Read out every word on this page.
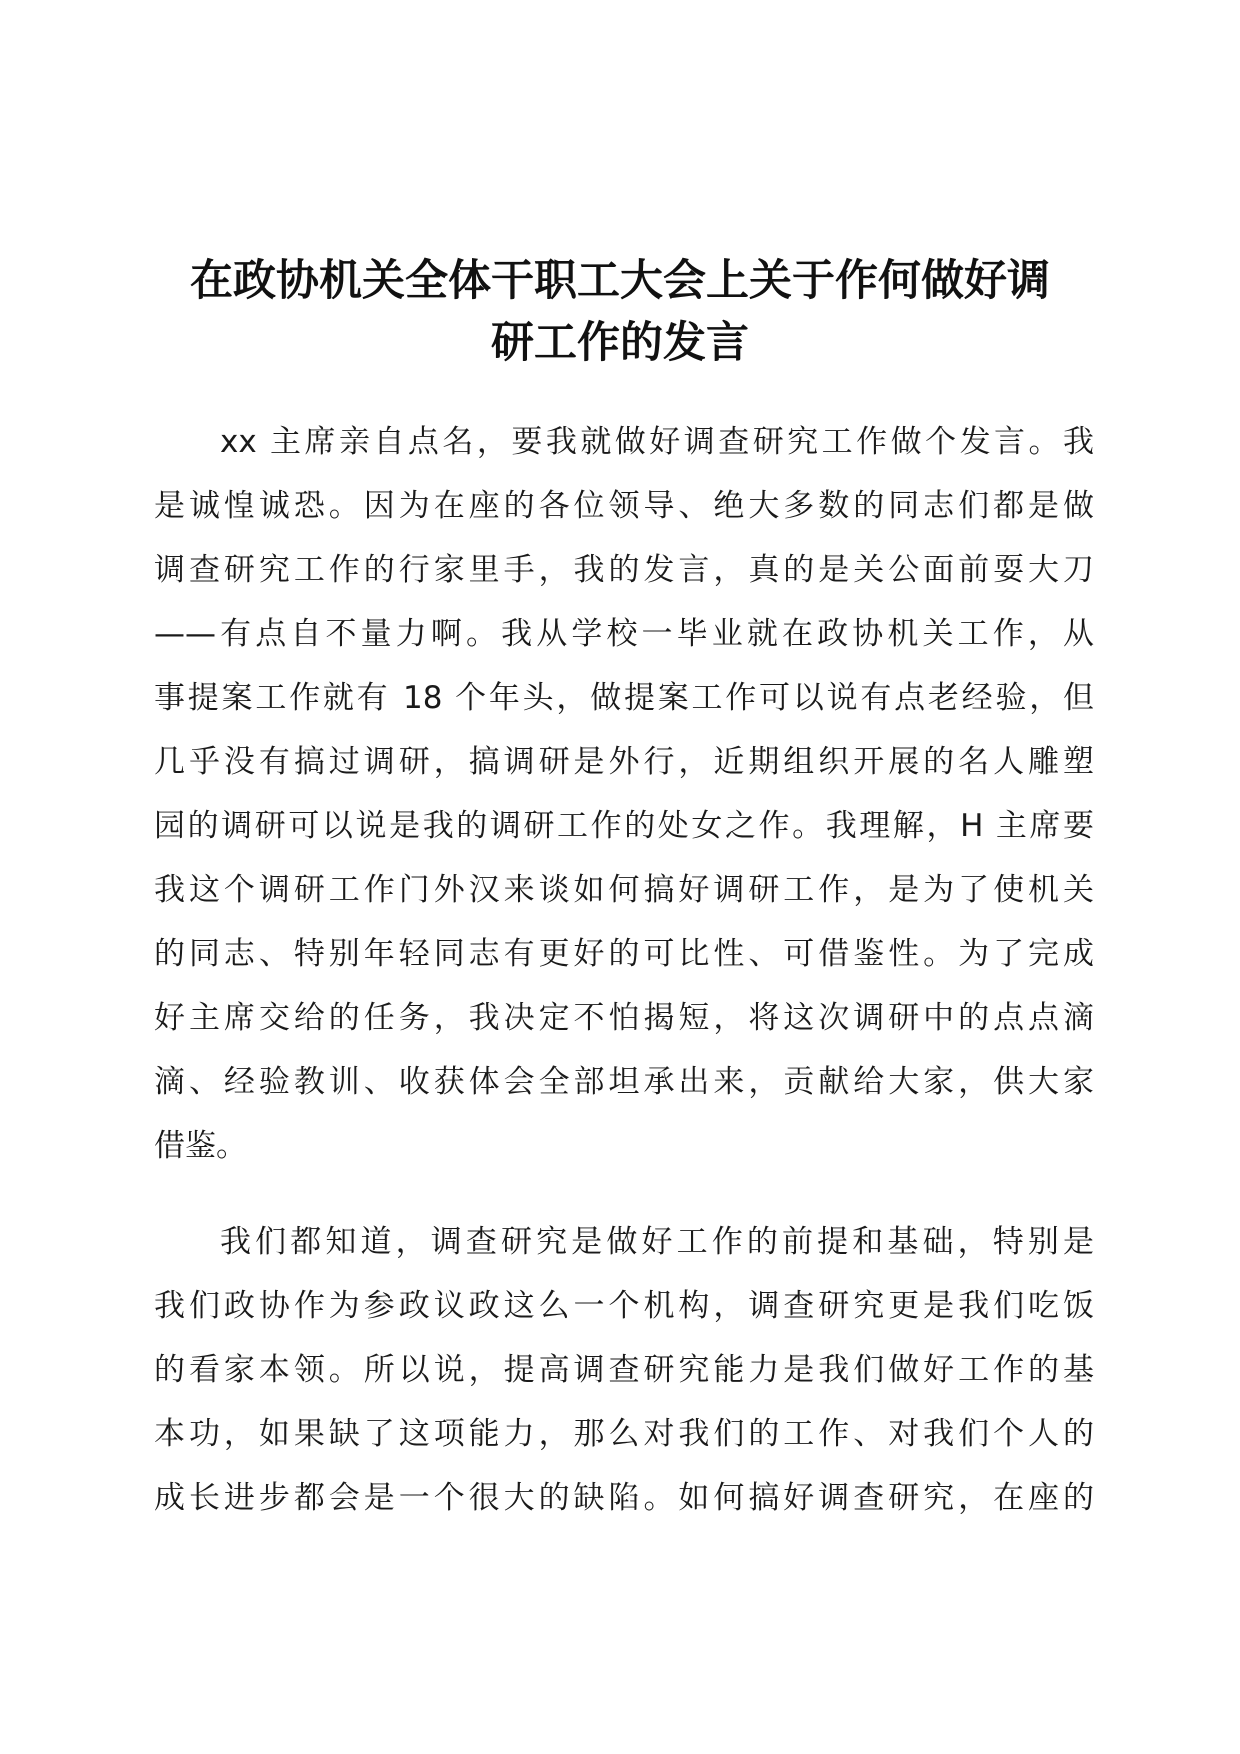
在政协机关全体干职工大会上关于作何做好调
研工作的发言
xx 主席亲自点名，要我就做好调查研究工作做个发言。我
是诚惶诚恐。因为在座的各位领导、绝大多数的同志们都是做
调查研究工作的行家里手，我的发言，真的是关公面前耍大刀
——有点自不量力啊。我从学校一毕业就在政协机关工作，从
事提案工作就有 18 个年头，做提案工作可以说有点老经验，但
几乎没有搞过调研，搞调研是外行，近期组织开展的名人雕塑
园的调研可以说是我的调研工作的处女之作。我理解，H 主席要
我这个调研工作门外汉来谈如何搞好调研工作，是为了使机关
的同志、特别年轻同志有更好的可比性、可借鉴性。为了完成
好主席交给的任务，我决定不怕揭短，将这次调研中的点点滴
滴、经验教训、收获体会全部坦承出来，贡献给大家，供大家
借鉴。
我们都知道，调查研究是做好工作的前提和基础，特别是
我们政协作为参政议政这么一个机构，调查研究更是我们吃饭
的看家本领。所以说，提高调查研究能力是我们做好工作的基
本功，如果缺了这项能力，那么对我们的工作、对我们个人的
成长进步都会是一个很大的缺陷。如何搞好调查研究，在座的
